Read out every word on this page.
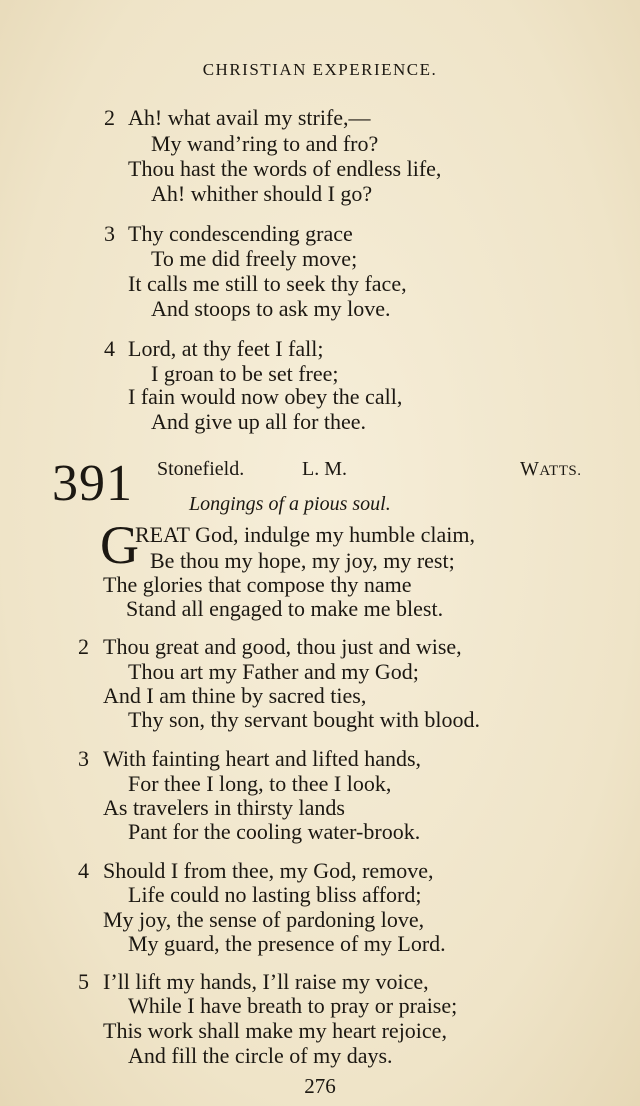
CHRISTIAN EXPERIENCE.
2 Ah! what avail my strife,—
My wand’ring to and fro?
Thou hast the words of endless life,
Ah! whither should I go?
3 Thy condescending grace
To me did freely move;
It calls me still to seek thy face,
And stoops to ask my love.
4 Lord, at thy feet I fall;
I groan to be set free;
I fain would now obey the call,
And give up all for thee.
391 Stonefield.	L. M.	WATTS.
Longings of a pious soul.
G
REAT God, indulge my humble claim,
Be thou my hope, my joy, my rest;
The glories that compose thy name
Stand all engaged to make me blest.
2 Thou great and good, thou just and wise,
Thou art my Father and my God;
And I am thine by sacred ties,
Thy son, thy servant bought with blood.
3 With fainting heart and lifted hands,
For thee I long, to thee I look,
As travelers in thirsty lands
Pant for the cooling water-brook.
4 Should I from thee, my God, remove,
Life could no lasting bliss afford;
My joy, the sense of pardoning love,
My guard, the presence of my Lord.
5 I’ll lift my hands, I’ll raise my voice,
While I have breath to pray or praise;
This work shall make my heart rejoice,
And fill the circle of my days.
276
